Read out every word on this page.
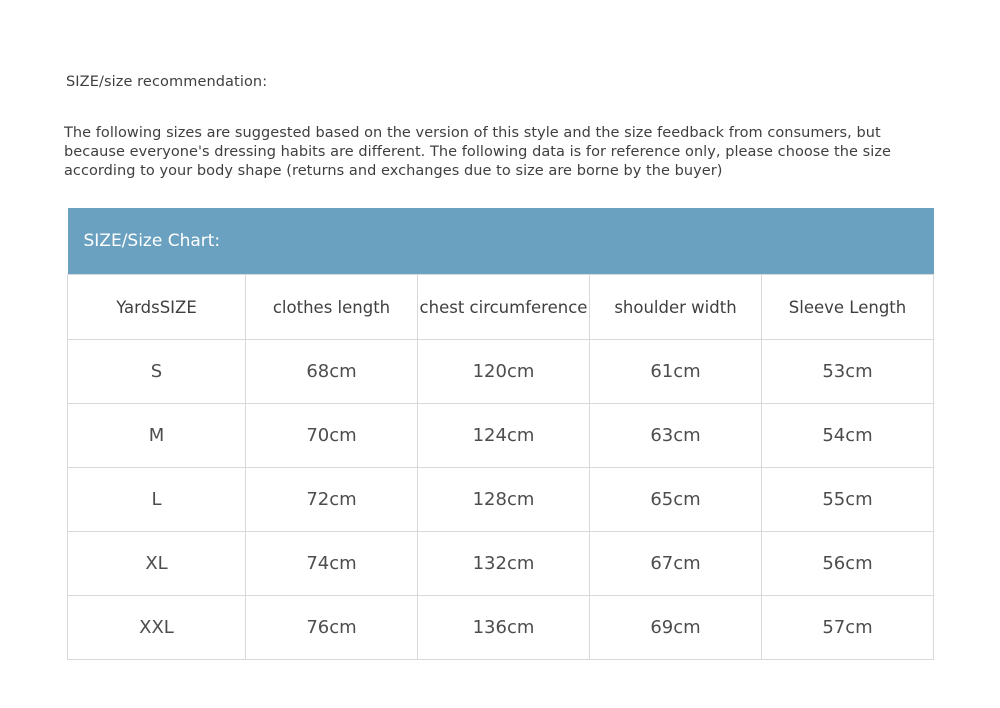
SIZE/size recommendation:
The following sizes are suggested based on the version of this style and the size feedback from consumers, but because everyone's dressing habits are different. The following data is for reference only, please choose the size according to your body shape (returns and exchanges due to size are borne by the buyer)
SIZE/Size Chart:				
YardsSIZE	clothes length	chest circumference	shoulder width	Sleeve Length
S	68cm	120cm	61cm	53cm
M	70cm	124cm	63cm	54cm
L	72cm	128cm	65cm	55cm
XL	74cm	132cm	67cm	56cm
XXL	76cm	136cm	69cm	57cm
